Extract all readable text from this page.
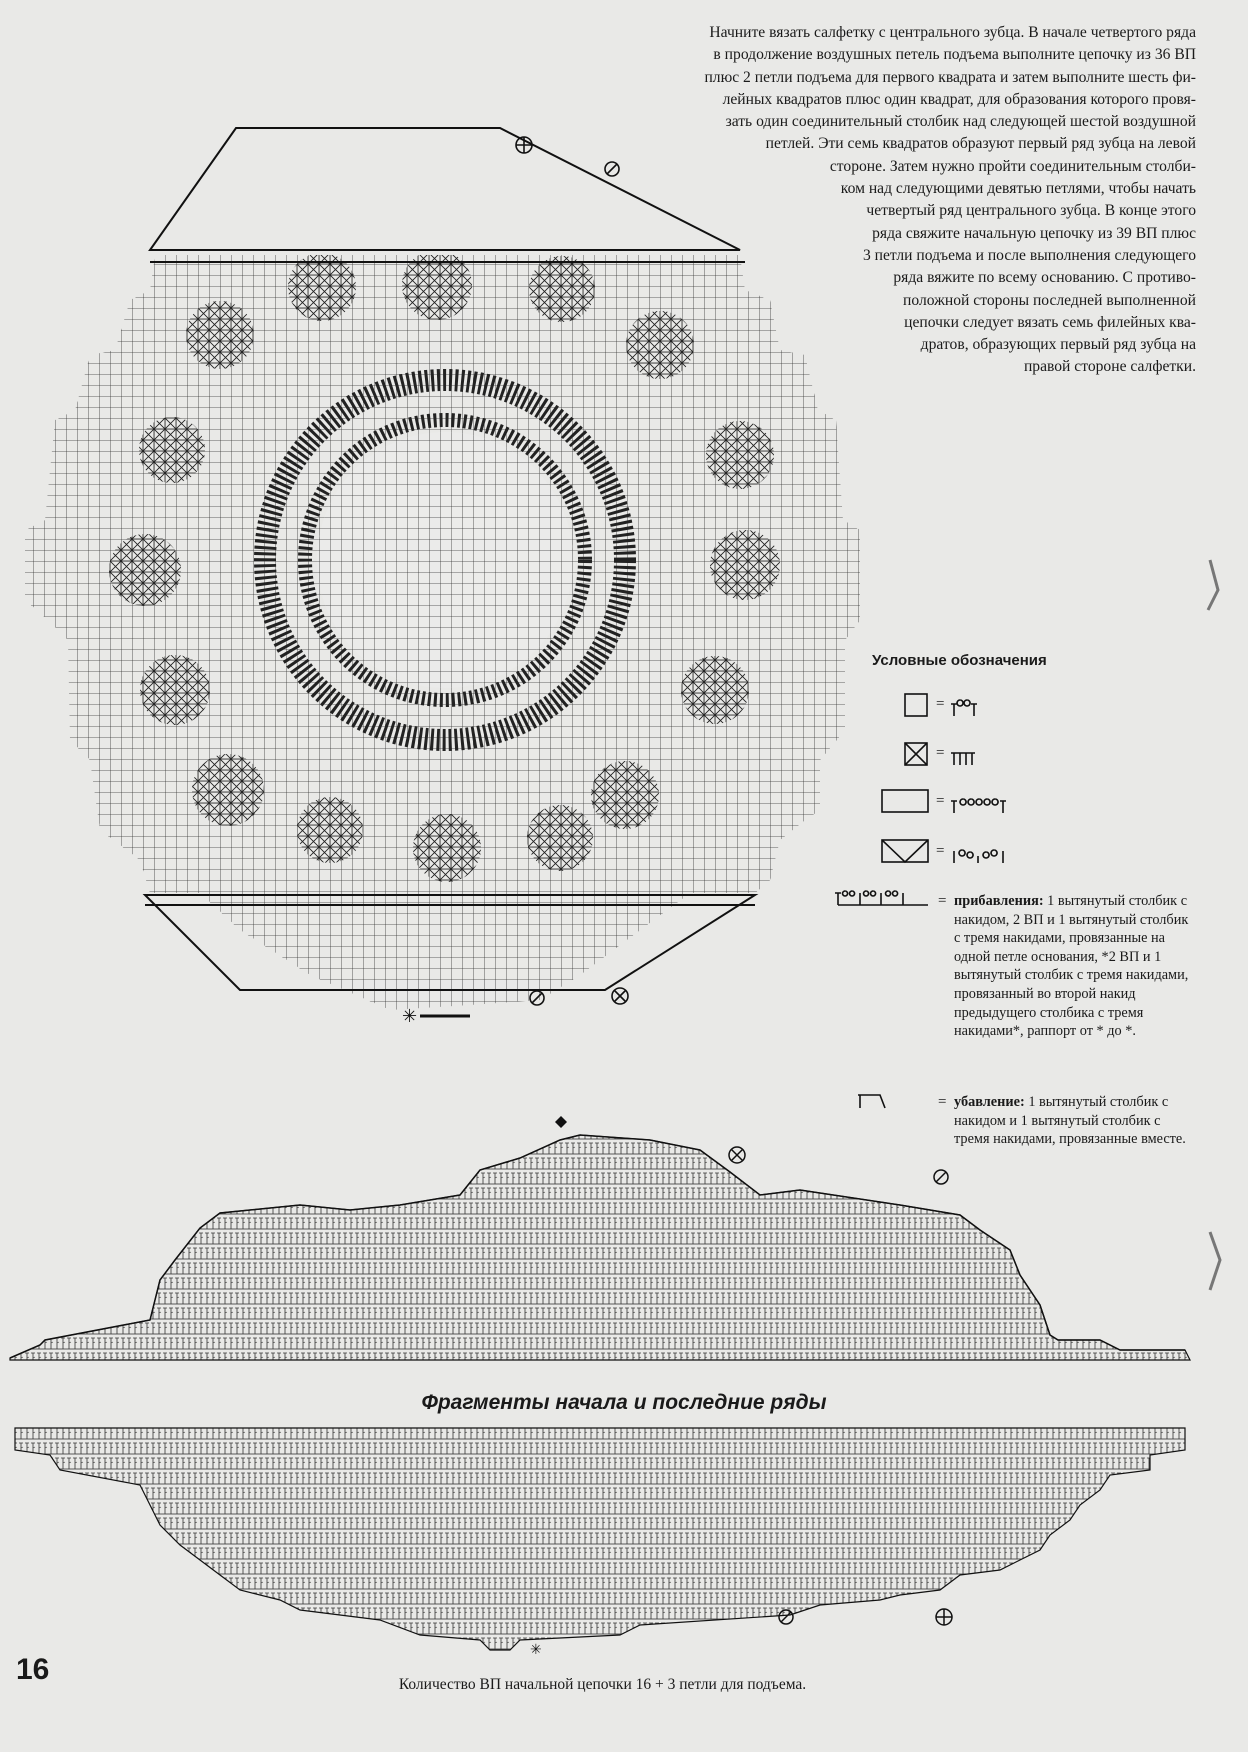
✳
✳
Начните вязать салфетку с центрального зубца. В начале четвертого ряда
в продолжение воздушных петель подъема выполните цепочку из 36 ВП
плюс 2 петли подъема для первого квадрата и затем выполните шесть фи-
лейных квадратов плюс один квадрат, для образования которого провя-
зать один соединительный столбик над следующей шестой воздушной
петлей. Эти семь квадратов образуют первый ряд зубца на левой
стороне. Затем нужно пройти соединительным столби-
ком над следующими девятью петлями, чтобы начать
четвертый ряд центрального зубца. В конце этого
ряда свяжите начальную цепочку из 39 ВП плюс
3 петли подъема и после выполнения следующего
ряда вяжите по всему основанию. С противо-
положной стороны последней выполненной
цепочки следует вязать семь филейных ква-
дратов, образующих первый ряд зубца на
правой стороне салфетки.
Условные обозначения
=
=
=
=
=
=
прибавления: 1 вытянутый столбик с накидом, 2 ВП и 1 вытянутый столбик с тремя накидами, провязанные на одной петле основания, *2 ВП и 1 вытянутый столбик с тремя накидами, провязанный во второй накид предыдущего столбика с тремя накидами*, раппорт от * до *.
убавление: 1 вытянутый столбик с накидом и 1 вытянутый столбик с тремя накидами, провязанные вместе.
Фрагменты начала и последние ряды
16	Количество ВП начальной цепочки 16 + 3 петли для подъема.
